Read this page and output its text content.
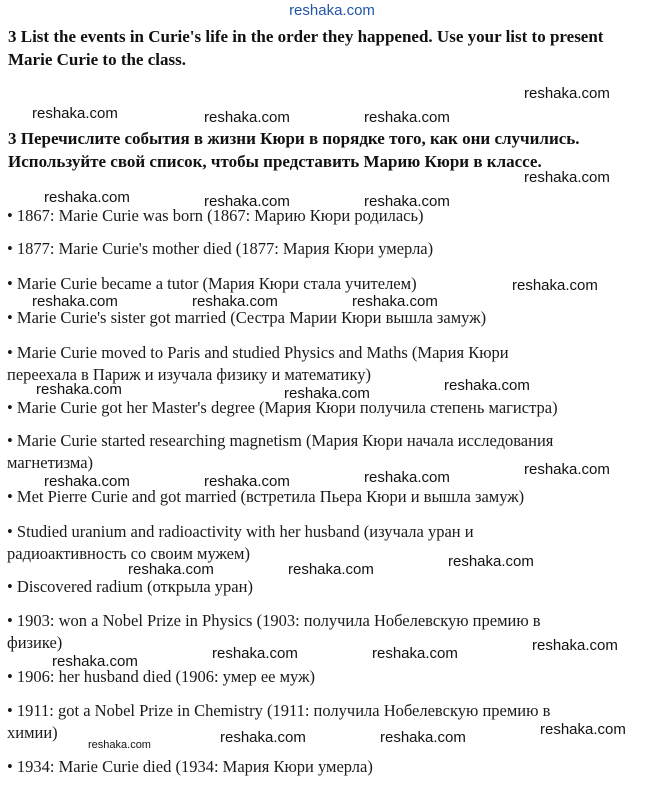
reshaka.com
3 List the events in Curie's life in the order they happened. Use your list to present Marie Curie to the class.
3 Перечислите события в жизни Кюри в порядке того, как они случились. Используйте свой список, чтобы представить Марию Кюри в классе.
• 1867: Marie Curie was born (1867: Марию Кюри родилась)
• 1877: Marie Curie's mother died (1877: Мария Кюри умерла)
• Marie Curie became a tutor (Мария Кюри стала учителем)
• Marie Curie's sister got married (Сестра Марии Кюри вышла замуж)
• Marie Curie moved to Paris and studied Physics and Maths (Мария Кюри
переехала в Париж и изучала физику и математику)
• Marie Curie got her Master's degree (Мария Кюри получила степень магистра)
• Marie Curie started researching magnetism (Мария Кюри начала исследования
магнетизма)
• Met Pierre Curie and got married (встретила Пьера Кюри и вышла замуж)
• Studied uranium and radioactivity with her husband (изучала уран и
радиоактивность со своим мужем)
• Discovered radium (открыла уран)
• 1903: won a Nobel Prize in Physics (1903: получила Нобелевскую премию в
физике)
• 1906: her husband died (1906: умер ее муж)
• 1911: got a Nobel Prize in Chemistry (1911: получила Нобелевскую премию в
химии)
• 1934: Marie Curie died (1934: Мария Кюри умерла)
reshaka.com
reshaka.com	reshaka.com	reshaka.com
reshaka.com
reshaka.com	reshaka.com	reshaka.com
reshaka.com
reshaka.com	reshaka.com	reshaka.com
reshaka.com
reshaka.com	reshaka.com
reshaka.com
reshaka.com
reshaka.com	reshaka.com
reshaka.com
reshaka.com	reshaka.com
reshaka.com
reshaka.com	reshaka.com
reshaka.com
reshaka.com
reshaka.com	reshaka.com
reshaka.com
